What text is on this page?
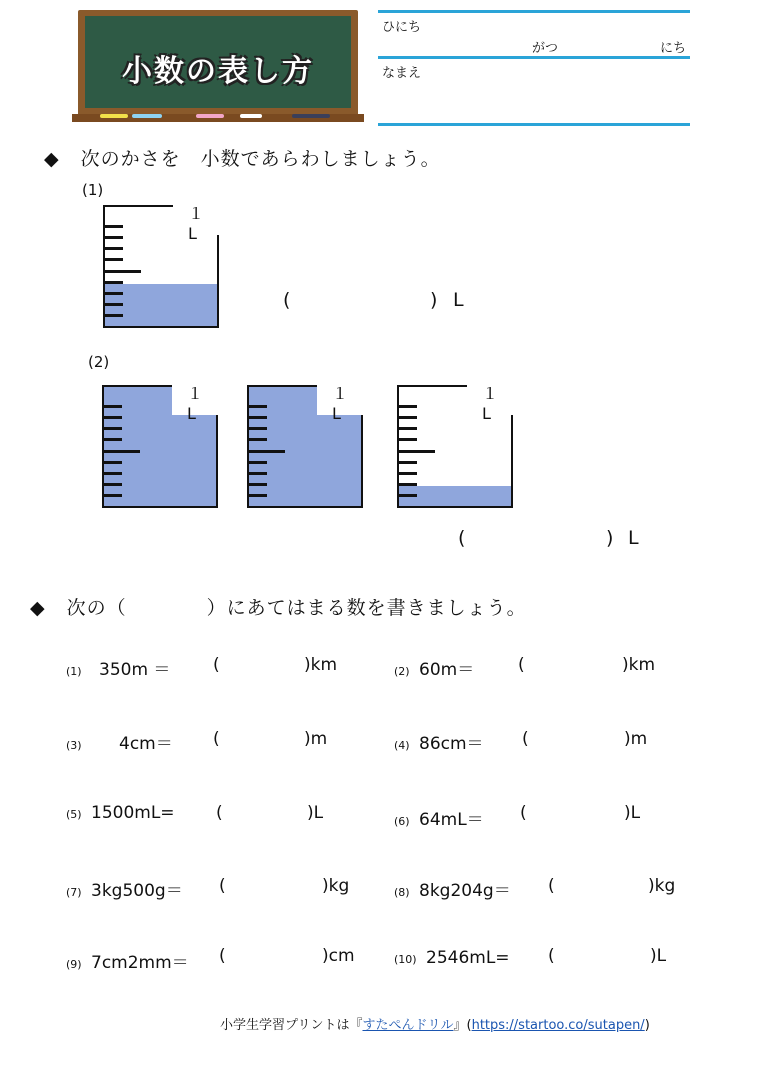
小数の表し方
ひにち
がつ	にち
なまえ
◆ 次のかさを　小数であらわしましょう。
(1)
１L
(	) L
(2)
１L
１L
１L
(	) L
◆ 次の（　　　　）にあてはまる数を書きましょう。
(1) 350m ＝	(	)km	(2) 60m＝	(	)km
(3) 4cm＝ (	)m	(4) 86cm＝ (	)m
(5) 1500mL= (	)L	(6) 64mL＝ (	)L
(7) 3kg500g＝ (	)kg	(8) 8kg204g＝ (	)kg
(9) 7cm2mm＝ (	)cm	(10) 2546mL= (	)L
小学生学習プリントは『すたぺんドリル』(https://startoo.co/sutapen/)
